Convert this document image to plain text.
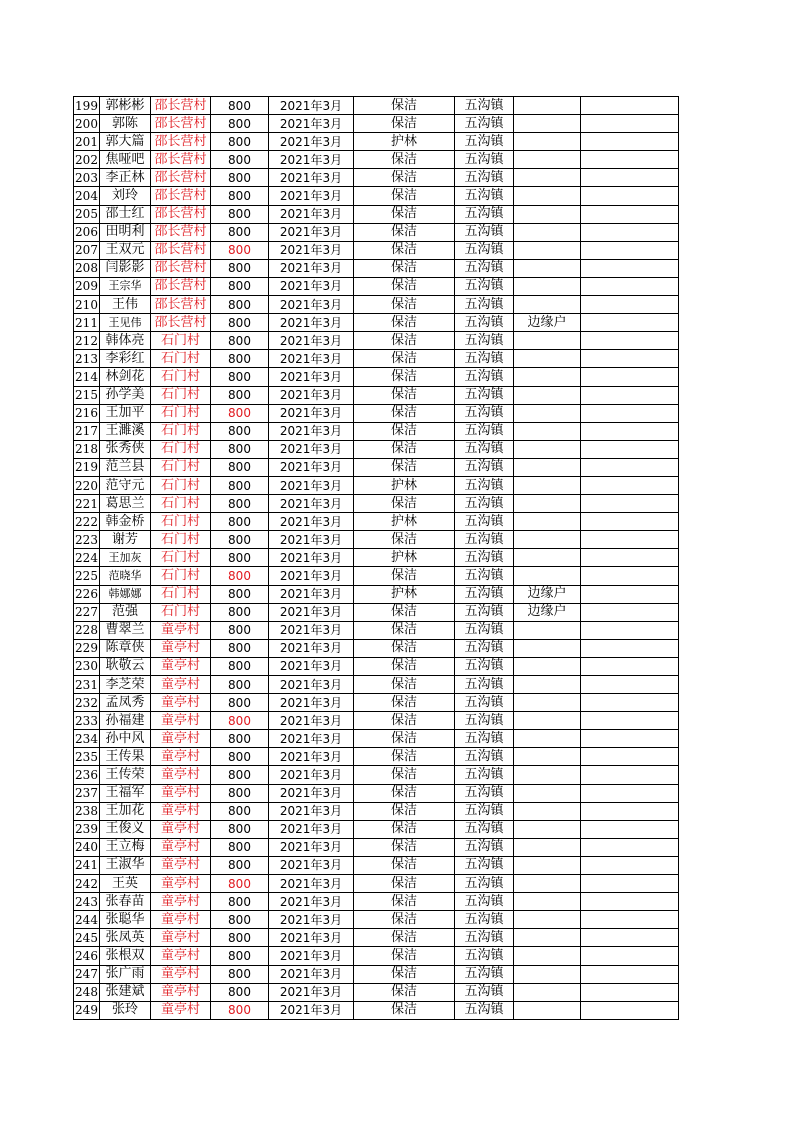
199	郭彬彬	邵长营村	800	2021年3月	保洁	五沟镇		
200	郭陈	邵长营村	800	2021年3月	保洁	五沟镇		
201	郭大篇	邵长营村	800	2021年3月	护林	五沟镇		
202	焦哑吧	邵长营村	800	2021年3月	保洁	五沟镇		
203	李正林	邵长营村	800	2021年3月	保洁	五沟镇		
204	刘玲	邵长营村	800	2021年3月	保洁	五沟镇		
205	邵士红	邵长营村	800	2021年3月	保洁	五沟镇		
206	田明利	邵长营村	800	2021年3月	保洁	五沟镇		
207	王双元	邵长营村	800	2021年3月	保洁	五沟镇		
208	闫影影	邵长营村	800	2021年3月	保洁	五沟镇		
209	王宗华	邵长营村	800	2021年3月	保洁	五沟镇		
210	王伟	邵长营村	800	2021年3月	保洁	五沟镇		
211	王见伟	邵长营村	800	2021年3月	保洁	五沟镇	边缘户	
212	韩体亮	石门村	800	2021年3月	保洁	五沟镇		
213	李彩红	石门村	800	2021年3月	保洁	五沟镇		
214	林剑花	石门村	800	2021年3月	保洁	五沟镇		
215	孙学美	石门村	800	2021年3月	保洁	五沟镇		
216	王加平	石门村	800	2021年3月	保洁	五沟镇		
217	王濉溪	石门村	800	2021年3月	保洁	五沟镇		
218	张秀侠	石门村	800	2021年3月	保洁	五沟镇		
219	范兰县	石门村	800	2021年3月	保洁	五沟镇		
220	范守元	石门村	800	2021年3月	护林	五沟镇		
221	葛思兰	石门村	800	2021年3月	保洁	五沟镇		
222	韩金桥	石门村	800	2021年3月	护林	五沟镇		
223	谢芳	石门村	800	2021年3月	保洁	五沟镇		
224	王加灰	石门村	800	2021年3月	护林	五沟镇		
225	范晓华	石门村	800	2021年3月	保洁	五沟镇		
226	韩娜娜	石门村	800	2021年3月	护林	五沟镇	边缘户	
227	范强	石门村	800	2021年3月	保洁	五沟镇	边缘户	
228	曹翠兰	童亭村	800	2021年3月	保洁	五沟镇		
229	陈章侠	童亭村	800	2021年3月	保洁	五沟镇		
230	耿敬云	童亭村	800	2021年3月	保洁	五沟镇		
231	李芝荣	童亭村	800	2021年3月	保洁	五沟镇		
232	孟凤秀	童亭村	800	2021年3月	保洁	五沟镇		
233	孙福建	童亭村	800	2021年3月	保洁	五沟镇		
234	孙中风	童亭村	800	2021年3月	保洁	五沟镇		
235	王传果	童亭村	800	2021年3月	保洁	五沟镇		
236	王传荣	童亭村	800	2021年3月	保洁	五沟镇		
237	王福军	童亭村	800	2021年3月	保洁	五沟镇		
238	王加花	童亭村	800	2021年3月	保洁	五沟镇		
239	王俊义	童亭村	800	2021年3月	保洁	五沟镇		
240	王立梅	童亭村	800	2021年3月	保洁	五沟镇		
241	王淑华	童亭村	800	2021年3月	保洁	五沟镇		
242	王英	童亭村	800	2021年3月	保洁	五沟镇		
243	张春苗	童亭村	800	2021年3月	保洁	五沟镇		
244	张聪华	童亭村	800	2021年3月	保洁	五沟镇		
245	张凤英	童亭村	800	2021年3月	保洁	五沟镇		
246	张根双	童亭村	800	2021年3月	保洁	五沟镇		
247	张广雨	童亭村	800	2021年3月	保洁	五沟镇		
248	张建斌	童亭村	800	2021年3月	保洁	五沟镇		
249	张玲	童亭村	800	2021年3月	保洁	五沟镇		
